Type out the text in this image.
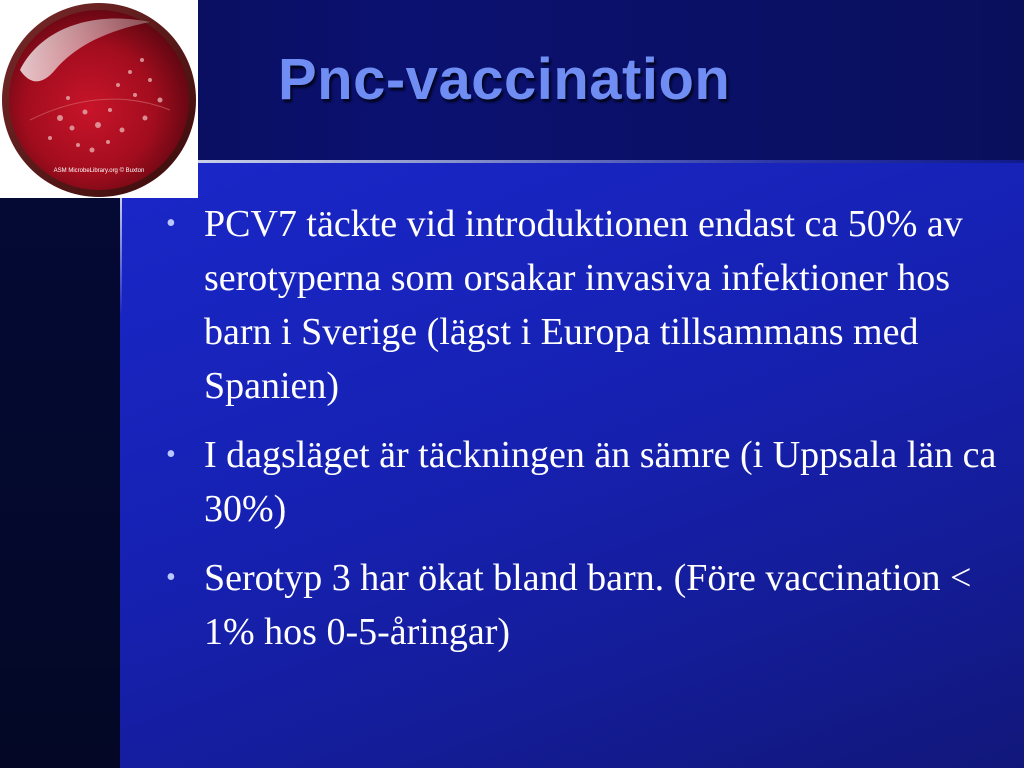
ASM MicrobeLibrary.org © Buxton
Pnc-vaccination
• PCV7 täckte vid introduktionen endast ca 50% av serotyperna som orsakar invasiva infektioner hos barn i Sverige (lägst i Europa tillsammans med Spanien)
• I dagsläget är täckningen än sämre (i Uppsala län ca 30%)
• Serotyp 3 har ökat bland barn. (Före vaccination < 1% hos 0-5-åringar)
